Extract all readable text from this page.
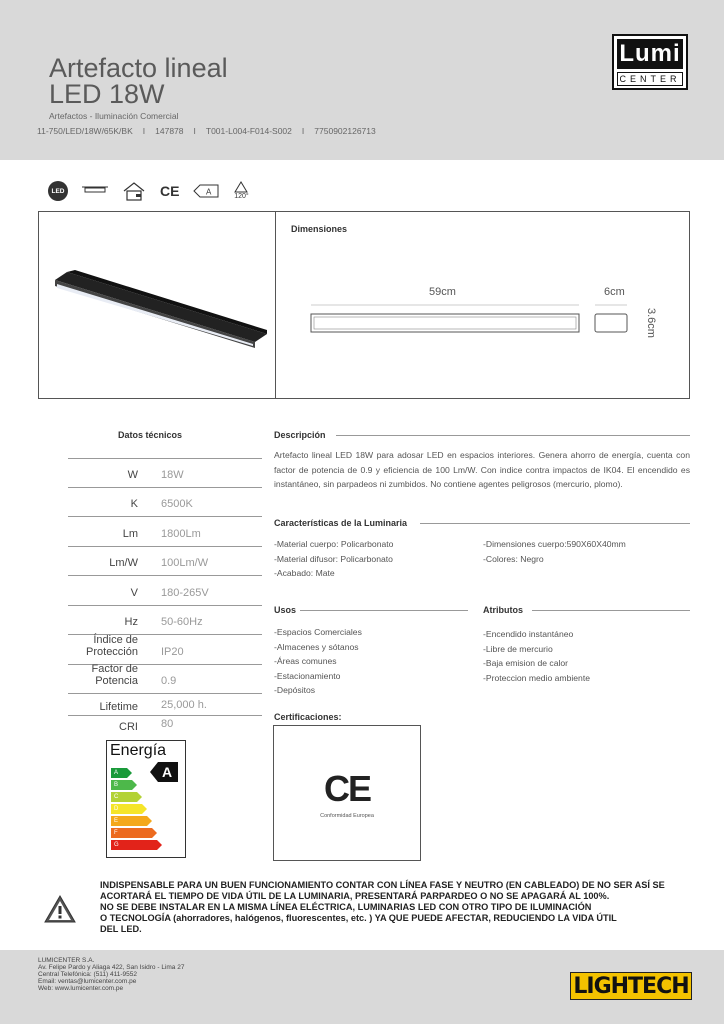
Artefacto lineal
LED 18W
Artefactos - Iluminación Comercial
11-750/LED/18W/65K/BK I 147878 I T001-L004-F014-S002 I 7750902126713
Lumi
CENTER
LED	CE	A	120°
Dimensiones
59cm	6cm
3.6cm
Datos técnicos
W 18W
K 6500K
Lm 1800Lm
Lm/W 100Lm/W
V 180-265V
Hz 50-60Hz
Índice de Protección IP20
Factor de Potencia 0.9
Lifetime 25,000 h.
CRI 80
Energía
A
B
C
D
E
F
G
A
Descripción
Artefacto lineal LED 18W para adosar LED en espacios interiores. Genera ahorro de energía, cuenta con factor de potencia de 0.9 y eficiencia de 100 Lm/W. Con indice contra impactos de IK04. El encendido es instantáneo, sin parpadeos ni zumbidos. No contiene agentes peligrosos (mercurio, plomo).
Características de la Luminaria
-Material cuerpo: Policarbonato
-Material difusor: Policarbonato
-Acabado: Mate
-Dimensiones cuerpo:590X60X40mm
-Colores: Negro
Usos
-Espacios Comerciales
-Almacenes y sótanos
-Áreas comunes
-Estacionamiento
-Depósitos
Atributos
-Encendido instantáneo
-Libre de mercurio
-Baja emision de calor
-Proteccion medio ambiente
Certificaciones:
CE
Conformidad Europea
INDISPENSABLE PARA UN BUEN FUNCIONAMIENTO CONTAR CON LÍNEA FASE Y NEUTRO (EN CABLEADO) DE NO SER ASÍ SE
ACORTARÁ EL TIEMPO DE VIDA ÚTIL DE LA LUMINARIA, PRESENTARÁ PARPARDEO O NO SE APAGARÁ AL 100%.
NO SE DEBE INSTALAR EN LA MISMA LÍNEA ELÉCTRICA, LUMINARIAS LED CON OTRO TIPO DE ILUMINACIÓN
O TECNOLOGÍA (ahorradores, halógenos, fluorescentes, etc. ) YA QUE PUEDE AFECTAR, REDUCIENDO LA VIDA ÚTIL
DEL LED.
LUMICENTER S.A.
Av. Felipe Pardo y Aliaga 422, San Isidro - Lima 27
Central Telefónica: (511) 411-9552
Email: ventas@lumicenter.com.pe
Web: www.lumicenter.com.pe	LIGHTECH
